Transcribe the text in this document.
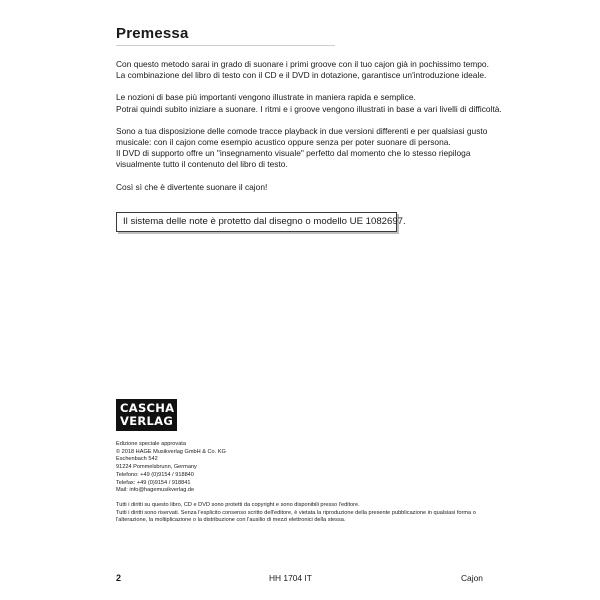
Premessa

Con questo metodo sarai in grado di suonare i primi groove con il tuo cajon già in pochissimo tempo.
La combinazione del libro di testo con il CD e il DVD in dotazione, garantisce un'introduzione ideale.

Le nozioni di base più importanti vengono illustrate in maniera rapida e semplice.
Potrai quindi subito iniziare a suonare. I ritmi e i groove vengono illustrati in base a vari livelli di difficoltà.

Sono a tua disposizione delle comode tracce playback in due versioni differenti e per qualsiasi gusto
musicale: con il cajon come esempio acustico oppure senza per poter suonare di persona.
Il DVD di supporto offre un "insegnamento visuale" perfetto dal momento che lo stesso riepiloga
visualmente tutto il contenuto del libro di testo.

Così sì che è divertente suonare il cajon!

Il sistema delle note è protetto dal disegno o modello UE 1082697.
CASCHA
VERLAG
Edizione speciale approvata
© 2018 HAGE Musikverlag GmbH & Co. KG
Eschenbach 542
91224 Pommelsbrunn, Germany
Telefono: +49 (0)9154 / 918840
Telefax: +49 (0)9154 / 918841
Mail: info@hagemusikverlag.de
Tutti i diritti su questo libro, CD e DVD sono protetti da copyright e sono disponibili presso l'editore.
Tutti i diritti sono riservati. Senza l'esplicito consenso scritto dell'editore, è vietata la riproduzione della presente pubblicazione in qualsiasi forma o
l'alterazione, la moltiplicazione o la distribuzione con l'ausilio di mezzi elettronici della stessa.
2	HH 1704 IT	Cajon
